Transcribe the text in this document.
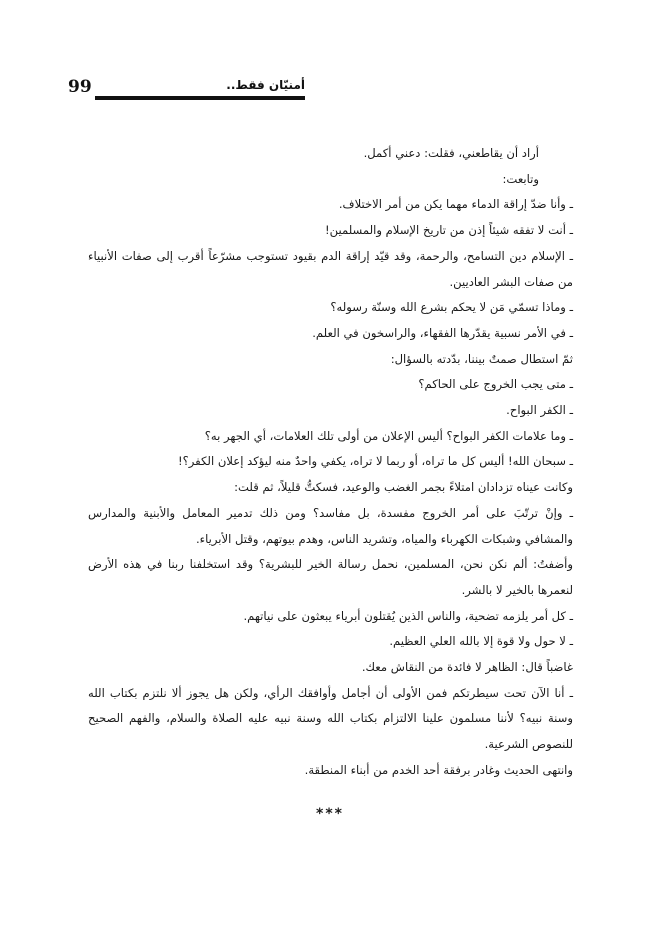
99	أمنيّان فقط..

أراد أن يقاطعني، فقلت: دعني أكمل.

وتابعت:

ـ وأنا ضدّ إراقة الدماء مهما يكن من أمر الاختلاف.

ـ أنت لا تفقه شيئاً إذن من تاريخ الإسلام والمسلمين!

ـ الإسلام دين التسامح، والرحمة، وقد قيّد إراقة الدم بقيود تستوجب مشرّعاً أقرب إلى صفات الأنبياء من صفات البشر العاديين.

ـ وماذا تسمّي مَن لا يحكم بشرع الله وسنّة رسوله؟

ـ في الأمر نسبية يقدّرها الفقهاء، والراسخون في العلم.

ثمّ استطال صمتٌ بيننا، بدّدته بالسؤال:

ـ متى يجب الخروج على الحاكم؟

ـ الكفر البواح.

ـ وما علامات الكفر البواح؟ أليس الإعلان من أولى تلك العلامات، أي الجهر به؟

ـ سبحان الله! أليس كل ما تراه، أو ربما لا تراه، يكفي واحدٌ منه ليؤكد إعلان الكفر؟!

وكانت عيناه تزدادان امتلاءً بجمر الغضب والوعيد، فسكتُّ قليلاً، ثم قلت:

ـ وإنْ ترتّبَ على أمر الخروج مفسدة، بل مفاسد؟ ومن ذلك تدمير المعامل والأبنية والمدارس والمشافي وشبكات الكهرباء والمياه، وتشريد الناس، وهدم بيوتهم، وقتل الأبرياء.

وأضفتُ: ألم نكن نحن، المسلمين، نحمل رسالة الخير للبشرية؟ وقد استخلفنا ربنا في هذه الأرض لنعمرها بالخير لا بالشر.

ـ كل أمر يلزمه تضحية، والناس الذين يُقتلون أبرياء يبعثون على نياتهم.

ـ لا حول ولا قوة إلا بالله العلي العظيم.

غاضباً قال: الظاهر لا فائدة من النقاش معك.

ـ أنا الآن تحت سيطرتكم فمن الأولى أن أجامل وأوافقك الرأي، ولكن هل يجوز ألا نلتزم بكتاب الله وسنة نبيه؟ لأننا مسلمون علينا الالتزام بكتاب الله وسنة نبيه عليه الصلاة والسلام، والفهم الصحيح للنصوص الشرعية.

وانتهى الحديث وغادر برفقة أحد الخدم من أبناء المنطقة.

***
